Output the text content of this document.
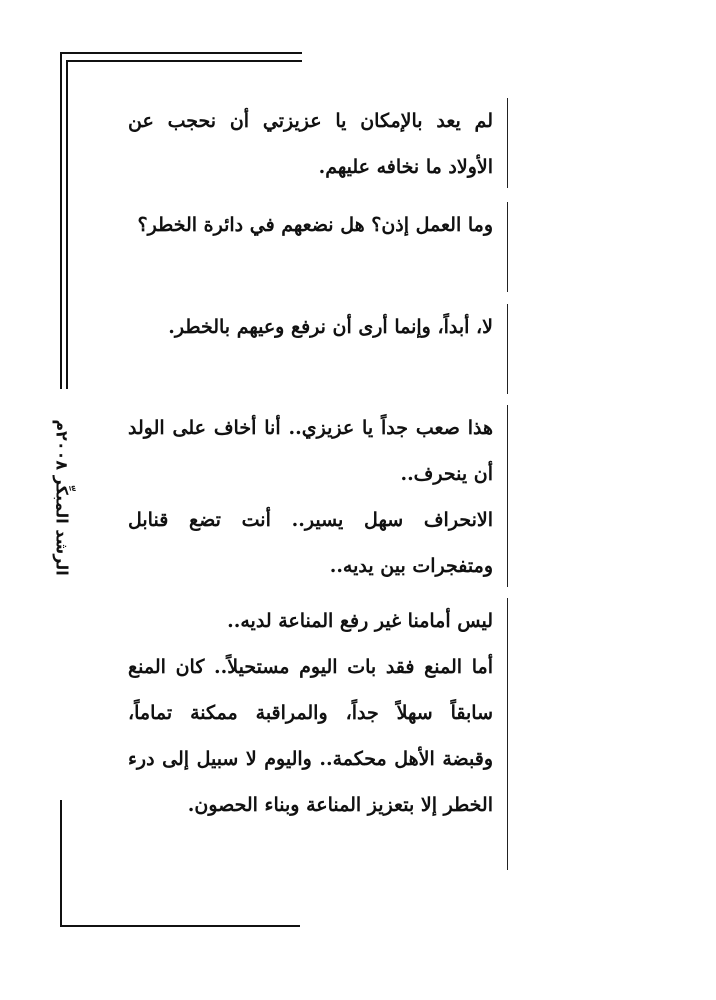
الرشد المبكِّر ٢٠٠٨م

لم يعد بالإمكان يا عزيزتي أن نحجب عن الأولاد ما نخافه عليهم.

وما العمل إذن؟ هل نضعهم في دائرة الخطر؟

لا، أبداً، وإنما أرى أن نرفع وعيهم بالخطر.

هذا صعب جداً يا عزيزي.. أنا أخاف على الولد أن ينحرف..

الانحراف سهل يسير.. أنت تضع قنابل ومتفجرات بين يديه..

ليس أمامنا غير رفع المناعة لديه..

أما المنع فقد بات اليوم مستحيلاً.. كان المنع سابقاً سهلاً جداً، والمراقبة ممكنة تماماً، وقبضة الأهل محكمة.. واليوم لا سبيل إلى درء الخطر إلا بتعزيز المناعة وبناء الحصون.
